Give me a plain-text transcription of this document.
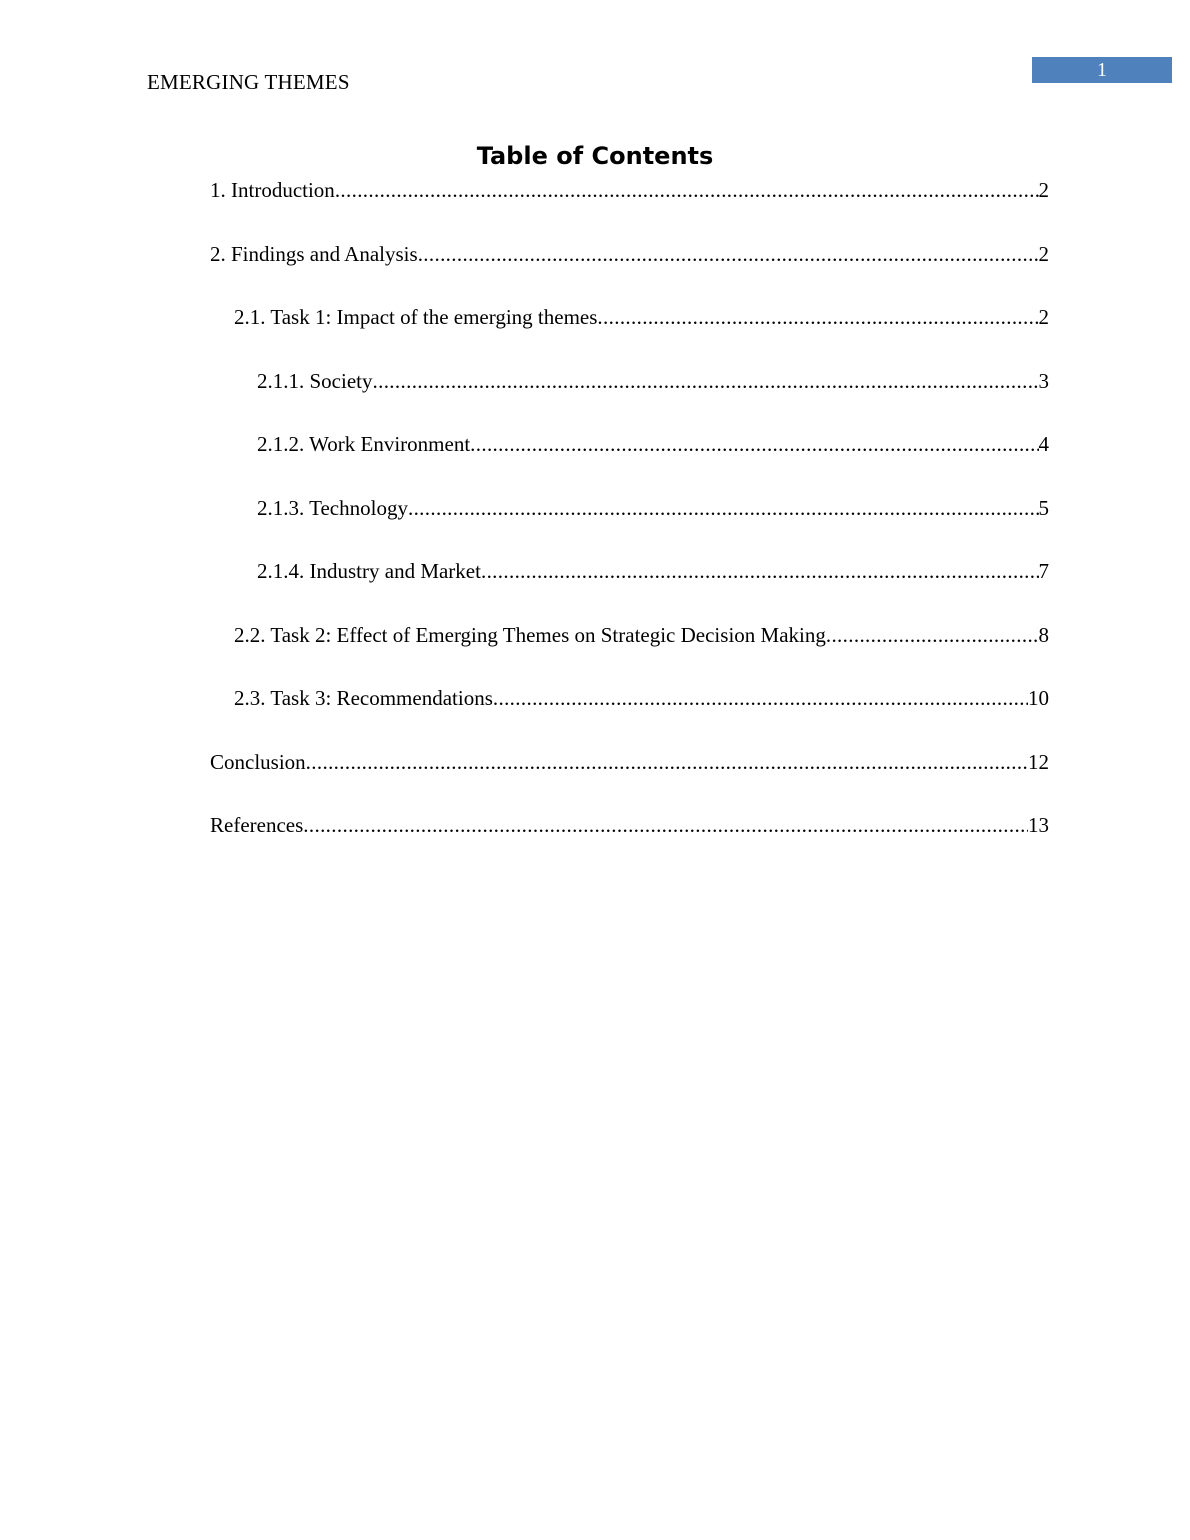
EMERGING THEMES	1
Table of Contents
1. Introduction .....	2
2. Findings and Analysis .....	2
2.1. Task 1: Impact of the emerging themes .....	2
2.1.1. Society .....	3
2.1.2. Work Environment .....	4
2.1.3. Technology .....	5
2.1.4. Industry and Market .....	7
2.2. Task 2: Effect of Emerging Themes on Strategic Decision Making .....	8
2.3. Task 3: Recommendations .....	10
Conclusion .....	12
References .....	13
